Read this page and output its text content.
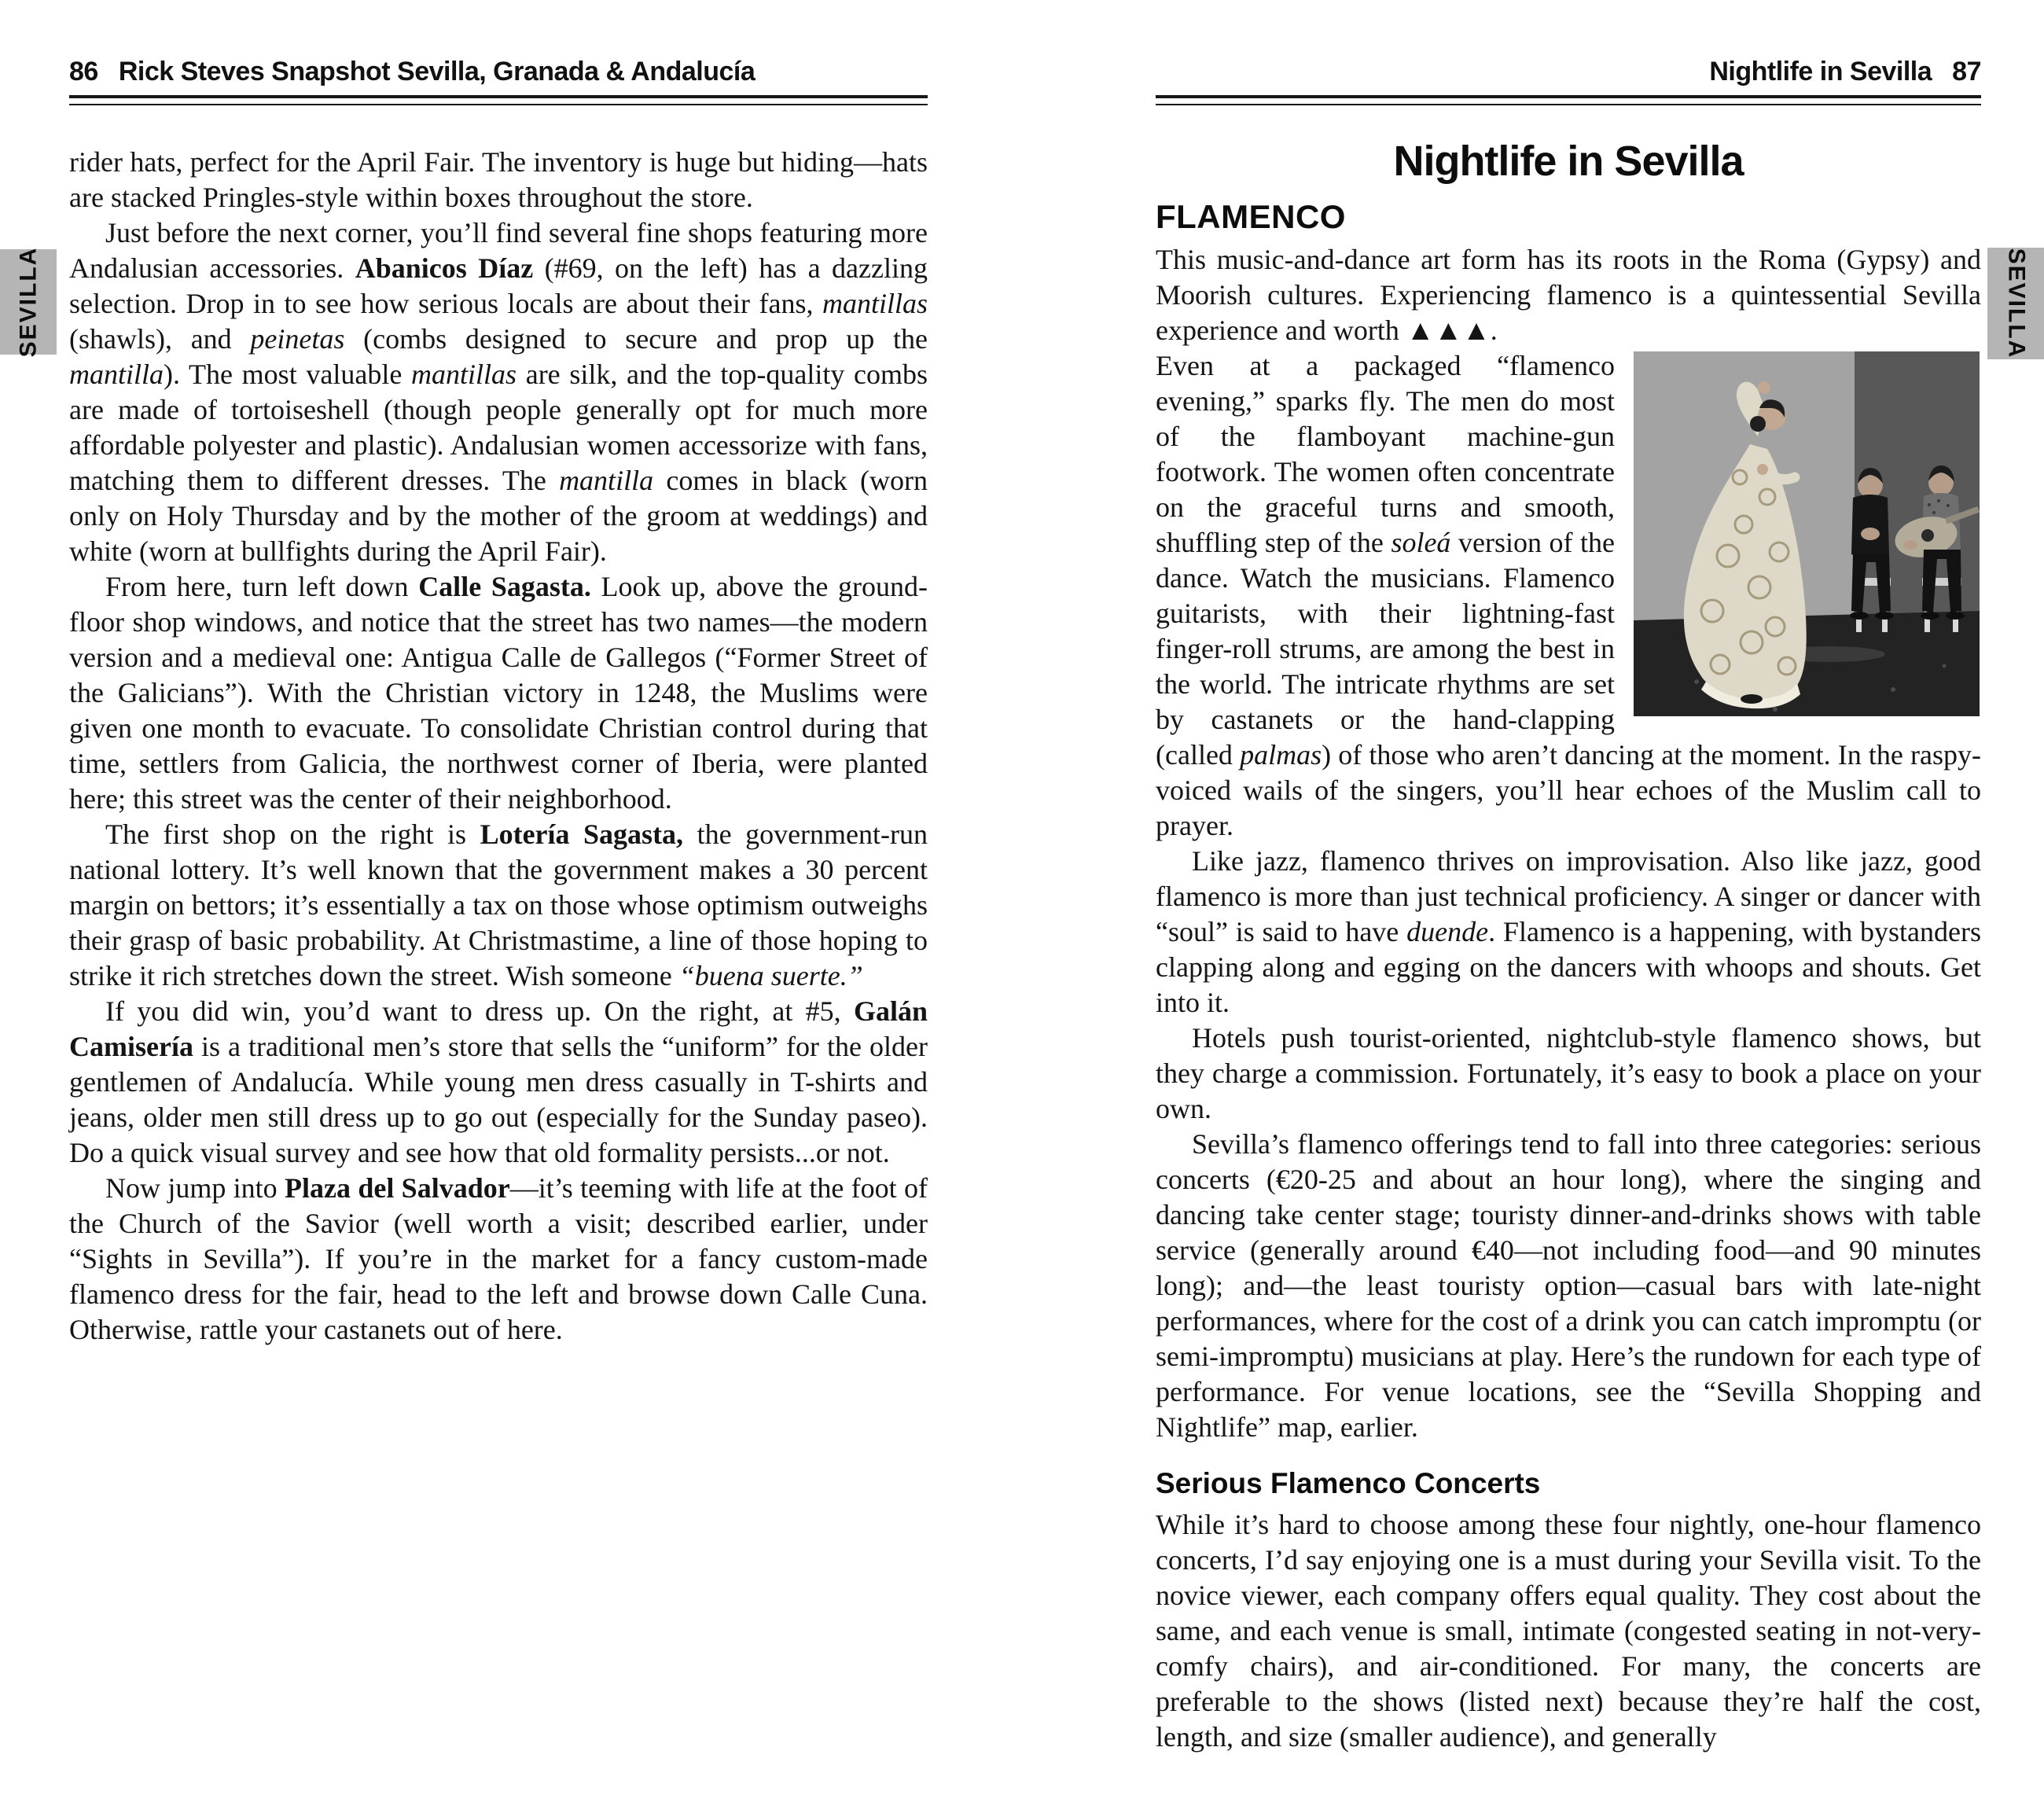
SEVILLA	SEVILLA
86 Rick Steves Snapshot Sevilla, Granada & Andalucía

rider hats, perfect for the April Fair. The inventory is huge but hiding—hats are stacked Pringles-style within boxes throughout the store.

Just before the next corner, you’ll find several fine shops featuring more Andalusian accessories. Abanicos Díaz (#69, on the left) has a dazzling selection. Drop in to see how serious locals are about their fans, mantillas (shawls), and peinetas (combs designed to secure and prop up the mantilla). The most valuable mantillas are silk, and the top-quality combs are made of tortoiseshell (though people generally opt for much more affordable polyester and plastic). Andalusian women accessorize with fans, matching them to different dresses. The mantilla comes in black (worn only on Holy Thursday and by the mother of the groom at weddings) and white (worn at bullfights during the April Fair).

From here, turn left down Calle Sagasta. Look up, above the ground-floor shop windows, and notice that the street has two names—the modern version and a medieval one: Antigua Calle de Gallegos (“Former Street of the Galicians”). With the Christian victory in 1248, the Muslims were given one month to evacuate. To consolidate Christian control during that time, settlers from Galicia, the northwest corner of Iberia, were planted here; this street was the center of their neighborhood.

The first shop on the right is Lotería Sagasta, the government-run national lottery. It’s well known that the government makes a 30 percent margin on bettors; it’s essentially a tax on those whose optimism outweighs their grasp of basic probability. At Christmastime, a line of those hoping to strike it rich stretches down the street. Wish someone “buena suerte.”

If you did win, you’d want to dress up. On the right, at #5, Galán Camisería is a traditional men’s store that sells the “uniform” for the older gentlemen of Andalucía. While young men dress casually in T-shirts and jeans, older men still dress up to go out (especially for the Sunday paseo). Do a quick visual survey and see how that old formality persists...or not.

Now jump into Plaza del Salvador—it’s teeming with life at the foot of the Church of the Savior (well worth a visit; described earlier, under “Sights in Sevilla”). If you’re in the market for a fancy custom-made flamenco dress for the fair, head to the left and browse down Calle Cuna. Otherwise, rattle your castanets out of here.

Nightlife in Sevilla 87
Nightlife in Sevilla
FLAMENCO

This music-and-dance art form has its roots in the Roma (Gypsy) and Moorish cultures. Experiencing flamenco is a quintessential Sevilla experience and worth ▲▲▲.

Even at a packaged “flamenco evening,” sparks fly. The men do most of the flamboyant machine-gun footwork. The women often concentrate on the graceful turns and smooth, shuffling step of the soleá version of the dance. Watch the musicians. Flamenco guitarists, with their lightning-fast finger-roll strums, are among the best in the world. The intricate rhythms are set by castanets or the hand-clapping (called palmas) of those who aren’t dancing at the moment. In the raspy-voiced wails of the singers, you’ll hear echoes of the Muslim call to prayer.

Like jazz, flamenco thrives on improvisation. Also like jazz, good flamenco is more than just technical proficiency. A singer or dancer with “soul” is said to have duende. Flamenco is a happening, with bystanders clapping along and egging on the dancers with whoops and shouts. Get into it.

Hotels push tourist-oriented, nightclub-style flamenco shows, but they charge a commission. Fortunately, it’s easy to book a place on your own.

Sevilla’s flamenco offerings tend to fall into three categories: serious concerts (€20-25 and about an hour long), where the singing and dancing take center stage; touristy dinner-and-drinks shows with table service (generally around €40—not including food—and 90 minutes long); and—the least touristy option—casual bars with late-night performances, where for the cost of a drink you can catch impromptu (or semi-impromptu) musicians at play. Here’s the rundown for each type of performance. For venue locations, see the “Sevilla Shopping and Nightlife” map, earlier.

Serious Flamenco Concerts

While it’s hard to choose among these four nightly, one-hour flamenco concerts, I’d say enjoying one is a must during your Sevilla visit. To the novice viewer, each company offers equal quality. They cost about the same, and each venue is small, intimate (congested seating in not-very-comfy chairs), and air-conditioned. For many, the concerts are preferable to the shows (listed next) because they’re half the cost, length, and size (smaller audience), and generally
